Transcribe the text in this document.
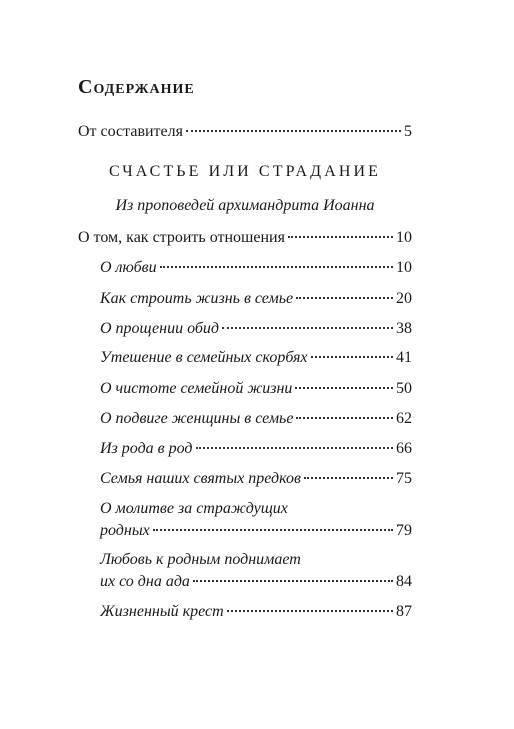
Содержание
От составителя	5
СЧАСТЬЕ ИЛИ СТРАДАНИЕ
Из проповедей архимандрита Иоанна
О том, как строить отношения	10
О любви	10
Как строить жизнь в семье	20
О прощении обид	38
Утешение в семейных скорбях	41
О чистоте семейной жизни	50
О подвиге женщины в семье	62
Из рода в род	66
Семья наших святых предков	75
О молитве за страждущих
родных	79
Любовь к родным поднимает
их со дна ада	84
Жизненный крест	87
